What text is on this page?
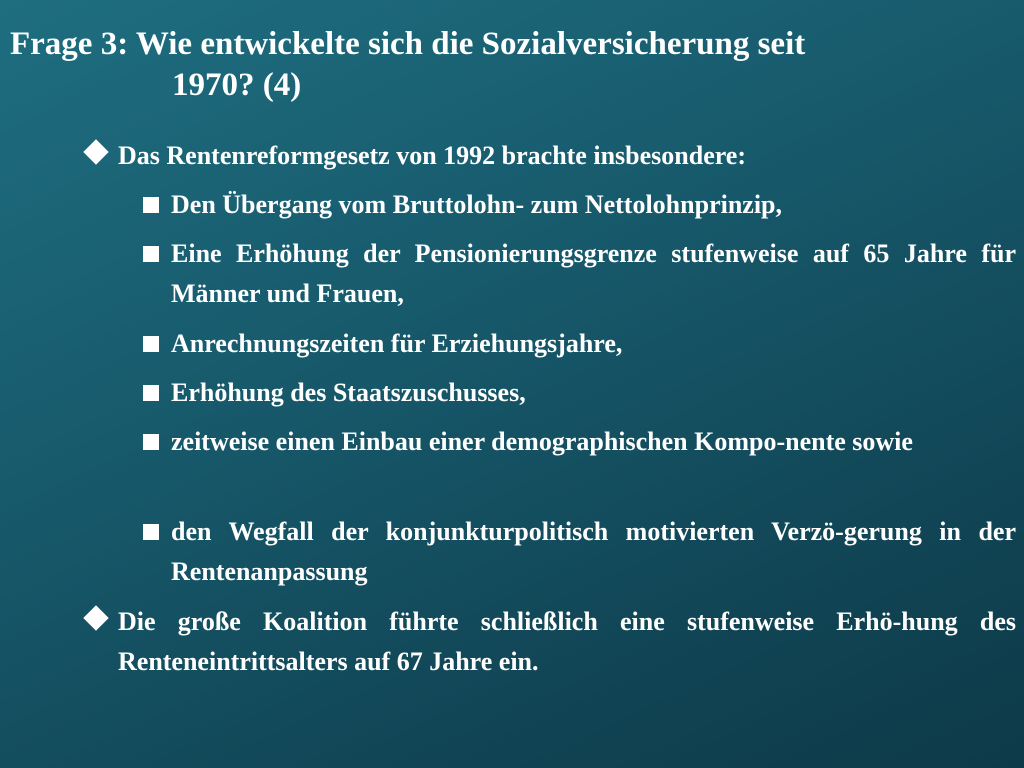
Frage 3: Wie entwickelte sich die Sozialversicherung seit
1970? (4)
Das Rentenreformgesetz von 1992 brachte insbesondere:
Den Übergang vom Bruttolohn- zum Nettolohnprinzip,
Eine Erhöhung der Pensionierungsgrenze stufenweise auf 65 Jahre für Männer und Frauen,
Anrechnungszeiten für Erziehungsjahre,
Erhöhung des Staatszuschusses,
zeitweise einen Einbau einer demographischen Kompo-nente sowie
den Wegfall der konjunkturpolitisch motivierten Verzö-gerung in der Rentenanpassung
Die große Koalition führte schließlich eine stufenweise Erhö-hung des Renteneintrittsalters auf 67 Jahre ein.
